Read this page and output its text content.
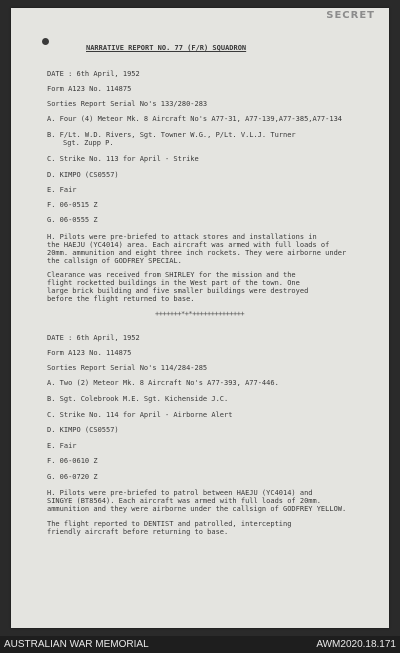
SECRET
NARRATIVE REPORT NO. 77 (F/R) SQUADRON
DATE : 6th April, 1952
Form A123 No. 114875
Sorties Report Serial No's 133/280-283
A. Four (4) Meteor Mk. 8 Aircraft No's A77-31, A77-139,A77-385,A77-134
B. F/Lt. W.D. Rivers, Sgt. Towner W.G., P/Lt. V.L.J. Turner
Sgt. Zupp P.
C. Strike No. 113 for April - Strike
D. KIMPO (CS0557)
E. Fair
F. 06-0515 Z
G. 06-0555 Z
H. Pilots were pre-briefed to attack stores and installations in
the HAEJU (YC4014) area. Each aircraft was armed with full loads of
20mm. ammunition and eight three inch rockets. They were airborne under
the callsign of GODFREY SPECIAL.
Clearance was received from SHIRLEY for the mission and the
flight rocketted buildings in the West part of the town. One
large brick building and five smaller buildings were destroyed
before the flight returned to base.
+++++++*+*++++++++++++++
DATE : 6th April, 1952
Form A123 No. 114875
Sorties Report Serial No's 114/284-285
A. Two (2) Meteor Mk. 8 Aircraft No's A77-393, A77-446.
B. Sgt. Colebrook M.E. Sgt. Kichenside J.C.
C. Strike No. 114 for April - Airborne Alert
D. KIMPO (CS0557)
E. Fair
F. 06-0610 Z
G. 06-0720 Z
H. Pilots were pre-briefed to patrol between HAEJU (YC4014) and
SINGYE (BT8564). Each aircraft was armed with full loads of 20mm.
ammunition and they were airborne under the callsign of GODFREY YELLOW.
The flight reported to DENTIST and patrolled, intercepting
friendly aircraft before returning to base.
AUSTRALIAN WAR MEMORIAL	AWM2020.18.171
